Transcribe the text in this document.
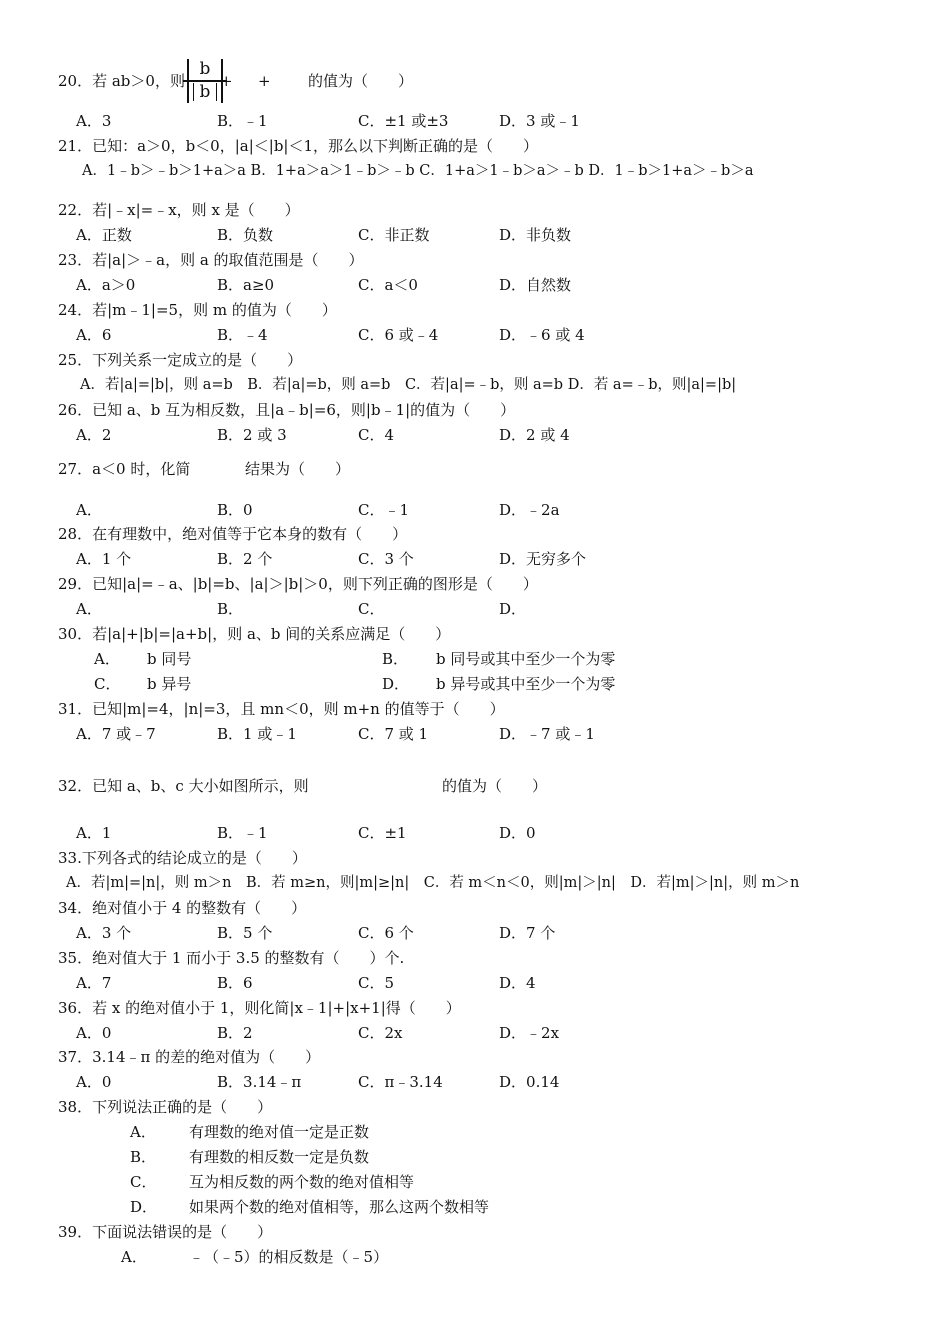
20．若 ab＞0，则
b
b
+ + 的值为（　　）
A．3	B．﹣1	C．±1 或±3	D．3 或﹣1
21．已知：a＞0，b＜0，|a|＜|b|＜1，那么以下判断正确的是（　　）
A．1﹣b＞﹣b＞1+a＞a B．1+a＞a＞1﹣b＞﹣b C．1+a＞1﹣b＞a＞﹣b D．1﹣b＞1+a＞﹣b＞a
22．若|﹣x|=﹣x，则 x 是（　　）
A．正数	B．负数	C．非正数	D．非负数
23．若|a|＞﹣a，则 a 的取值范围是（　　）
A．a＞0	B．a≥0	C．a＜0	D．自然数
24．若|m﹣1|=5，则 m 的值为（　　）
A．6	B．﹣4	C．6 或﹣4	D．﹣6 或 4
25．下列关系一定成立的是（　　）
A．若|a|=|b|，则 a=b　B．若|a|=b，则 a=b　C．若|a|=﹣b，则 a=b D．若 a=﹣b，则|a|=|b|
26．已知 a、b 互为相反数，且|a﹣b|=6，则|b﹣1|的值为（　　）
A．2	B．2 或 3	C．4	D．2 或 4
27．a＜0 时，化简	结果为（　　）
A．	B．0	C．﹣1	D．﹣2a
28．在有理数中，绝对值等于它本身的数有（　　）
A．1 个	B．2 个	C．3 个	D．无穷多个
29．已知|a|=﹣a、|b|=b、|a|＞|b|＞0，则下列正确的图形是（　　）
A．	B．	C．	D．
30．若|a|+|b|=|a+b|，则 a、b 间的关系应满足（　　）
A． b 同号	B． b 同号或其中至少一个为零
C． b 异号	D． b 异号或其中至少一个为零
31．已知|m|=4，|n|=3，且 mn＜0，则 m+n 的值等于（　　）
A．7 或﹣7	B．1 或﹣1	C．7 或 1	D．﹣7 或﹣1
32．已知 a、b、c 大小如图所示，则	的值为（　　）
A．1	B．﹣1	C．±1	D．0
33.下列各式的结论成立的是（　　）
A．若|m|=|n|，则 m＞n　B．若 m≥n，则|m|≥|n|　C．若 m＜n＜0，则|m|＞|n|　D．若|m|＞|n|，则 m＞n
34．绝对值小于 4 的整数有（　　）
A．3 个	B．5 个	C．6 个	D．7 个
35．绝对值大于 1 而小于 3.5 的整数有（　　）个.
A．7	B．6	C．5	D．4
36．若 x 的绝对值小于 1，则化简|x﹣1|+|x+1|得（　　）
A．0	B．2	C．2x	D．﹣2x
37．3.14﹣π 的差的绝对值为（　　）
A．0	B．3.14﹣π	C．π﹣3.14	D．0.14
38．下列说法正确的是（　　）
A． 有理数的绝对值一定是正数
B． 有理数的相反数一定是负数
C． 互为相反数的两个数的绝对值相等
D． 如果两个数的绝对值相等，那么这两个数相等
39．下面说法错误的是（　　）
A．	﹣（﹣5）的相反数是（﹣5）
